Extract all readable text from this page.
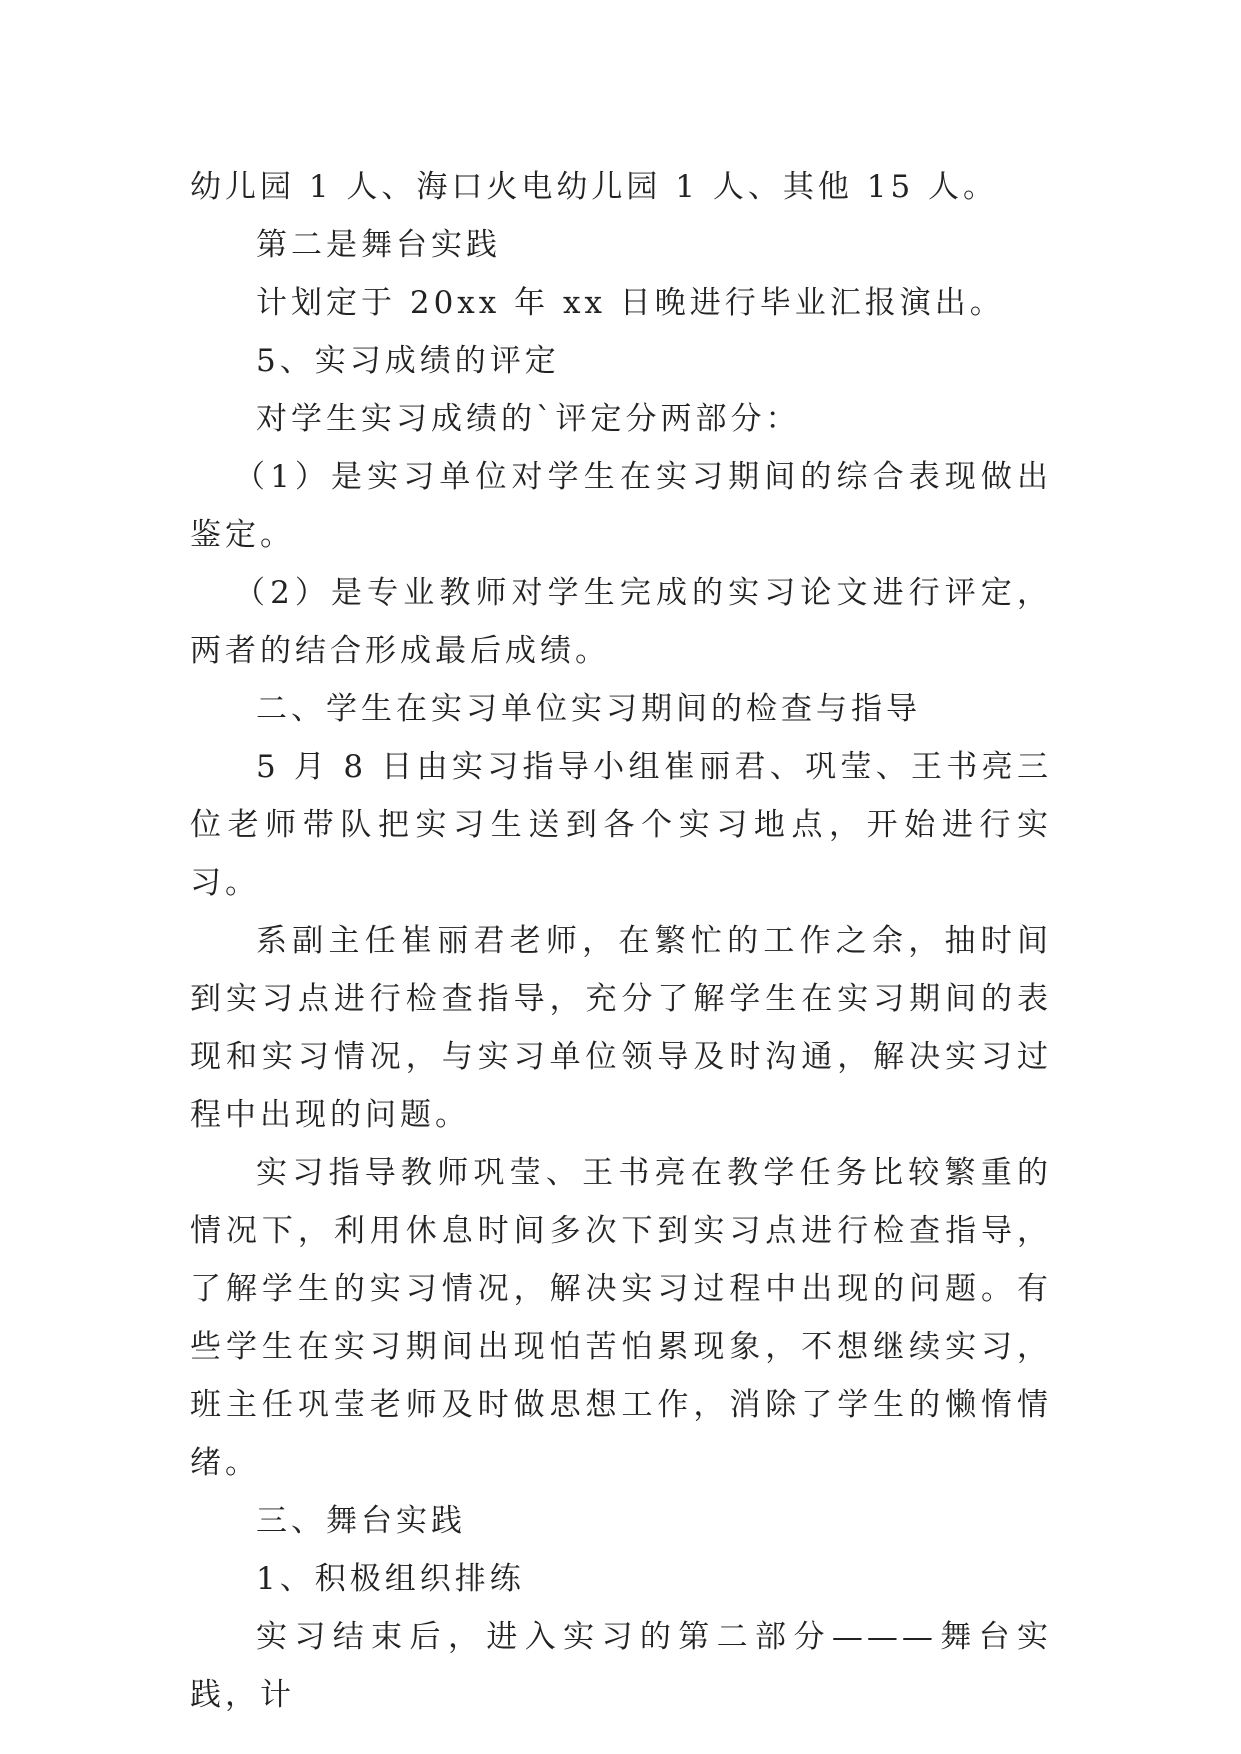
幼儿园 1 人、海口火电幼儿园 1 人、其他 15 人。

第二是舞台实践

计划定于 20xx 年 xx 日晚进行毕业汇报演出。

5、实习成绩的评定

对学生实习成绩的`评定分两部分：

（1）是实习单位对学生在实习期间的综合表现做出鉴定。

（2）是专业教师对学生完成的实习论文进行评定，两者的结合形成最后成绩。

二、学生在实习单位实习期间的检查与指导

5 月 8 日由实习指导小组崔丽君、巩莹、王书亮三位老师带队把实习生送到各个实习地点，开始进行实习。

系副主任崔丽君老师，在繁忙的工作之余，抽时间到实习点进行检查指导，充分了解学生在实习期间的表现和实习情况，与实习单位领导及时沟通，解决实习过程中出现的问题。

实习指导教师巩莹、王书亮在教学任务比较繁重的情况下，利用休息时间多次下到实习点进行检查指导，了解学生的实习情况，解决实习过程中出现的问题。有些学生在实习期间出现怕苦怕累现象，不想继续实习，班主任巩莹老师及时做思想工作，消除了学生的懒惰情绪。

三、舞台实践

1、积极组织排练

实习结束后，进入实习的第二部分———舞台实践，计
